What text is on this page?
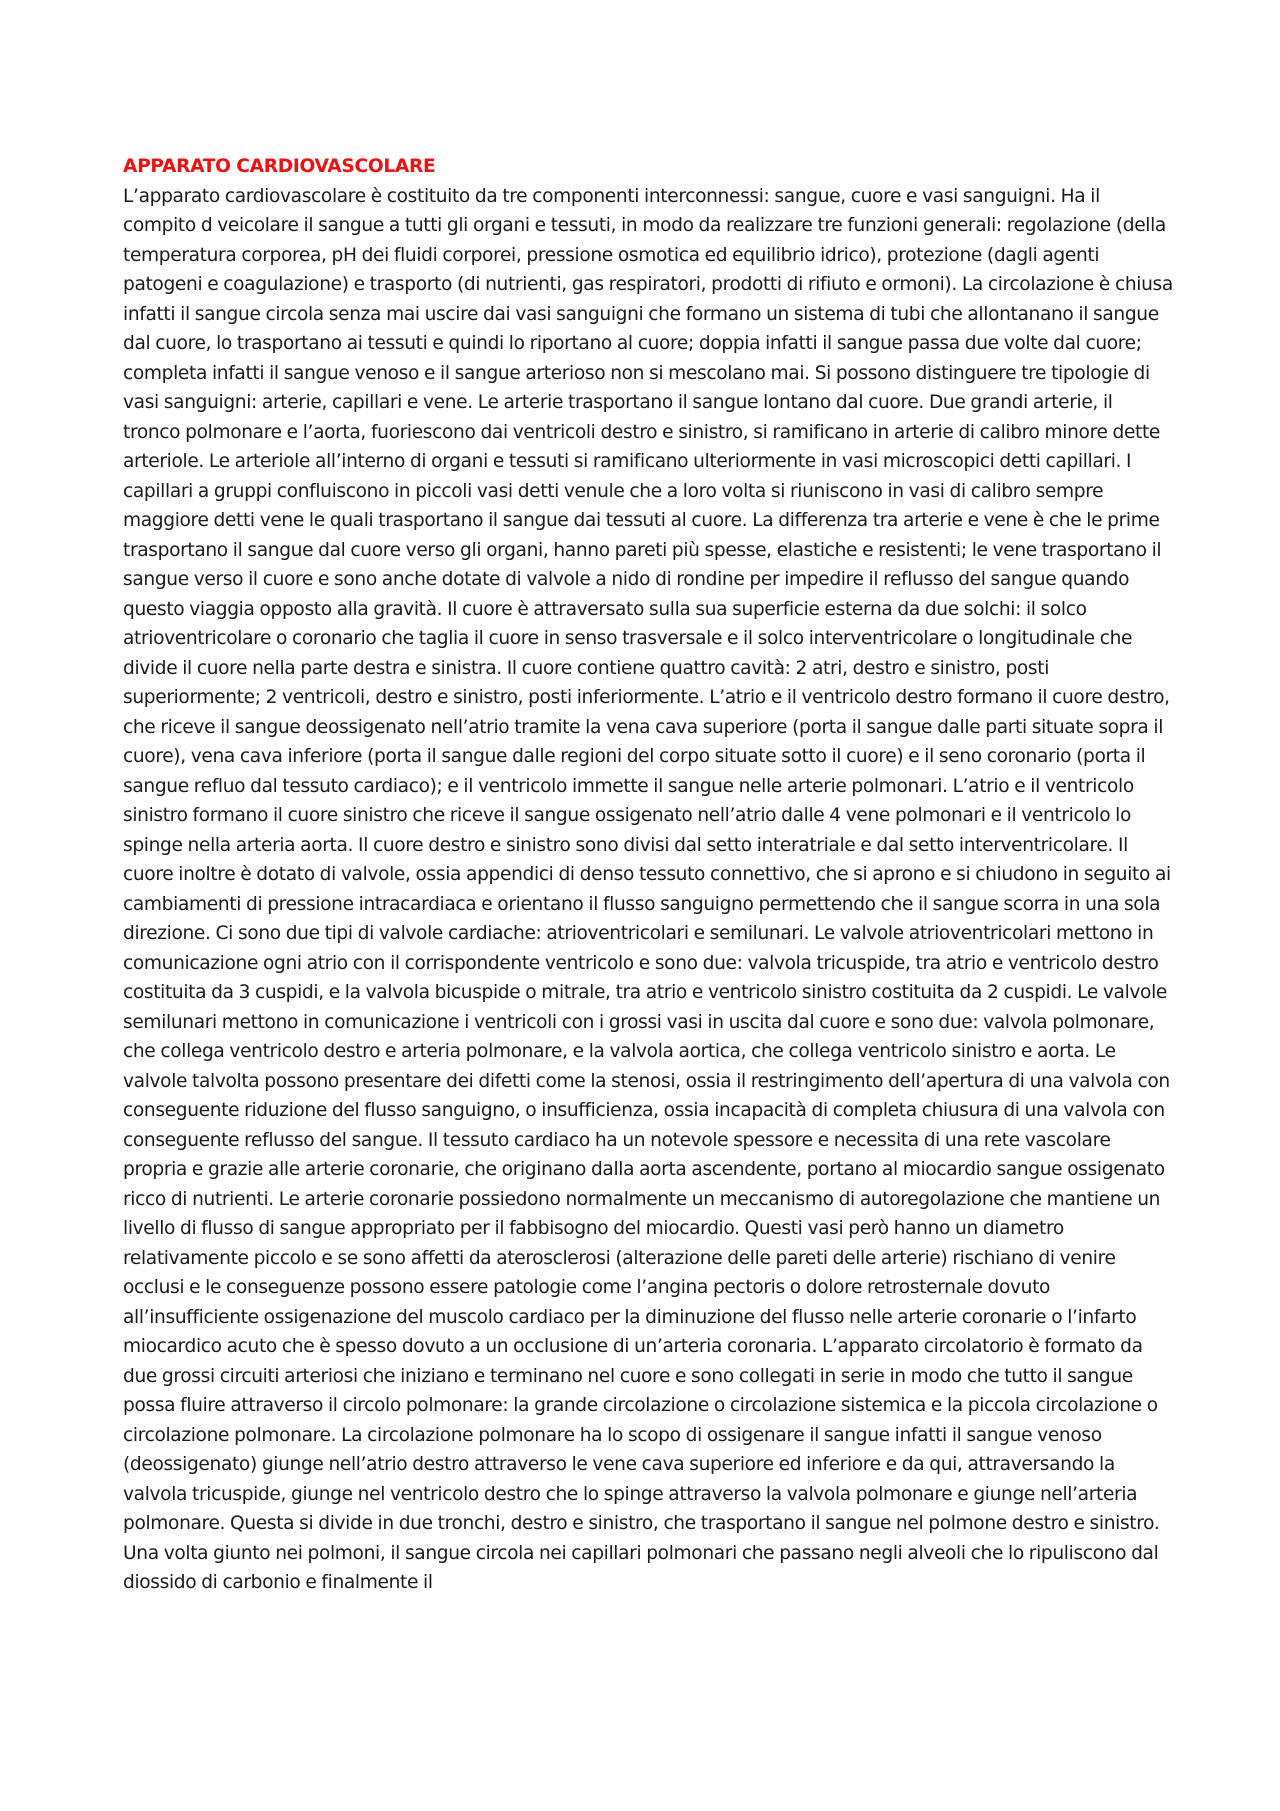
APPARATO CARDIOVASCOLARE

L’apparato cardiovascolare è costituito da tre componenti interconnessi: sangue, cuore e vasi sanguigni. Ha il compito d veicolare il sangue a tutti gli organi e tessuti, in modo da realizzare tre funzioni generali: regolazione (della temperatura corporea, pH dei fluidi corporei, pressione osmotica ed equilibrio idrico), protezione (dagli agenti patogeni e coagulazione) e trasporto (di nutrienti, gas respiratori, prodotti di rifiuto e ormoni). La circolazione è chiusa infatti il sangue circola senza mai uscire dai vasi sanguigni che formano un sistema di tubi che allontanano il sangue dal cuore, lo trasportano ai tessuti e quindi lo riportano al cuore; doppia infatti il sangue passa due volte dal cuore; completa infatti il sangue venoso e il sangue arterioso non si mescolano mai. Si possono distinguere tre tipologie di vasi sanguigni: arterie, capillari e vene. Le arterie trasportano il sangue lontano dal cuore. Due grandi arterie, il tronco polmonare e l’aorta, fuoriescono dai ventricoli destro e sinistro, si ramificano in arterie di calibro minore dette arteriole. Le arteriole all’interno di organi e tessuti si ramificano ulteriormente in vasi microscopici detti capillari. I capillari a gruppi confluiscono in piccoli vasi detti venule che a loro volta si riuniscono in vasi di calibro sempre maggiore detti vene le quali trasportano il sangue dai tessuti al cuore. La differenza tra arterie e vene è che le prime trasportano il sangue dal cuore verso gli organi, hanno pareti più spesse, elastiche e resistenti; le vene trasportano il sangue verso il cuore e sono anche dotate di valvole a nido di rondine per impedire il reflusso del sangue quando questo viaggia opposto alla gravità. Il cuore è attraversato sulla sua superficie esterna da due solchi: il solco atrioventricolare o coronario che taglia il cuore in senso trasversale e il solco interventricolare o longitudinale che divide il cuore nella parte destra e sinistra. Il cuore contiene quattro cavità: 2 atri, destro e sinistro, posti superiormente; 2 ventricoli, destro e sinistro, posti inferiormente. L’atrio e il ventricolo destro formano il cuore destro, che riceve il sangue deossigenato nell’atrio tramite la vena cava superiore (porta il sangue dalle parti situate sopra il cuore), vena cava inferiore (porta il sangue dalle regioni del corpo situate sotto il cuore) e il seno coronario (porta il sangue refluo dal tessuto cardiaco); e il ventricolo immette il sangue nelle arterie polmonari. L’atrio e il ventricolo sinistro formano il cuore sinistro che riceve il sangue ossigenato nell’atrio dalle 4 vene polmonari e il ventricolo lo spinge nella arteria aorta. Il cuore destro e sinistro sono divisi dal setto interatriale e dal setto interventricolare. Il cuore inoltre è dotato di valvole, ossia appendici di denso tessuto connettivo, che si aprono e si chiudono in seguito ai cambiamenti di pressione intracardiaca e orientano il flusso sanguigno permettendo che il sangue scorra in una sola direzione. Ci sono due tipi di valvole cardiache: atrioventricolari e semilunari. Le valvole atrioventricolari mettono in comunicazione ogni atrio con il corrispondente ventricolo e sono due: valvola tricuspide, tra atrio e ventricolo destro costituita da 3 cuspidi, e la valvola bicuspide o mitrale, tra atrio e ventricolo sinistro costituita da 2 cuspidi. Le valvole semilunari mettono in comunicazione i ventricoli con i grossi vasi in uscita dal cuore e sono due: valvola polmonare, che collega ventricolo destro e arteria polmonare, e la valvola aortica, che collega ventricolo sinistro e aorta. Le valvole talvolta possono presentare dei difetti come la stenosi, ossia il restringimento dell’apertura di una valvola con conseguente riduzione del flusso sanguigno, o insufficienza, ossia incapacità di completa chiusura di una valvola con conseguente reflusso del sangue. Il tessuto cardiaco ha un notevole spessore e necessita di una rete vascolare propria e grazie alle arterie coronarie, che originano dalla aorta ascendente, portano al miocardio sangue ossigenato ricco di nutrienti. Le arterie coronarie possiedono normalmente un meccanismo di autoregolazione che mantiene un livello di flusso di sangue appropriato per il fabbisogno del miocardio. Questi vasi però hanno un diametro relativamente piccolo e se sono affetti da aterosclerosi (alterazione delle pareti delle arterie) rischiano di venire occlusi e le conseguenze possono essere patologie come l’angina pectoris o dolore retrosternale dovuto all’insufficiente ossigenazione del muscolo cardiaco per la diminuzione del flusso nelle arterie coronarie o l’infarto miocardico acuto che è spesso dovuto a un occlusione di un’arteria coronaria. L’apparato circolatorio è formato da due grossi circuiti arteriosi che iniziano e terminano nel cuore e sono collegati in serie in modo che tutto il sangue possa fluire attraverso il circolo polmonare: la grande circolazione o circolazione sistemica e la piccola circolazione o circolazione polmonare. La circolazione polmonare ha lo scopo di ossigenare il sangue infatti il sangue venoso (deossigenato) giunge nell’atrio destro attraverso le vene cava superiore ed inferiore e da qui, attraversando la valvola tricuspide, giunge nel ventricolo destro che lo spinge attraverso la valvola polmonare e giunge nell’arteria polmonare. Questa si divide in due tronchi, destro e sinistro, che trasportano il sangue nel polmone destro e sinistro. Una volta giunto nei polmoni, il sangue circola nei capillari polmonari che passano negli alveoli che lo ripuliscono dal diossido di carbonio e finalmente il
